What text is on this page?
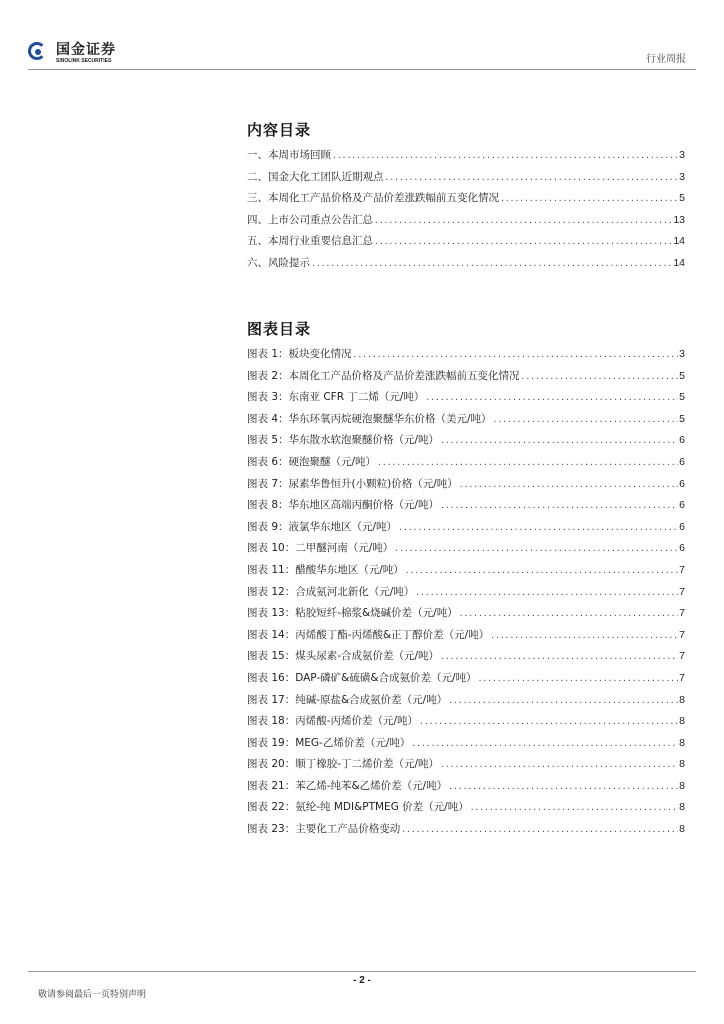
国金证券
SINOLINK SECURITIES	行业周报
内容目录
一、本周市场回顾 .....	3
二、国金大化工团队近期观点 .....	3
三、本周化工产品价格及产品价差涨跌幅前五变化情况 .....	5
四、上市公司重点公告汇总 .....	13
五、本周行业重要信息汇总 .....	14
六、风险提示 .....	14
图表目录
图表 1：板块变化情况 .....	3
图表 2：本周化工产品价格及产品价差涨跌幅前五变化情况 .....	5
图表 3：东南亚 CFR 丁二烯（元/吨） .....	5
图表 4：华东环氧丙烷硬泡聚醚华东价格（美元/吨） .....	5
图表 5：华东散水软泡聚醚价格（元/吨） .....	6
图表 6：硬泡聚醚（元/吨） .....	6
图表 7：尿素华鲁恒升(小颗粒)价格（元/吨） .....	6
图表 8：华东地区高端丙酮价格（元/吨） .....	6
图表 9：液氯华东地区（元/吨） .....	6
图表 10：二甲醚河南（元/吨） .....	6
图表 11：醋酸华东地区（元/吨） .....	7
图表 12：合成氨河北新化（元/吨） .....	7
图表 13：粘胶短纤-棉浆&烧碱价差（元/吨） .....	7
图表 14：丙烯酸丁酯-丙烯酸&正丁醇价差（元/吨） .....	7
图表 15：煤头尿素-合成氨价差（元/吨） .....	7
图表 16：DAP-磷矿&硫磺&合成氨价差（元/吨） .....	7
图表 17：纯碱-原盐&合成氨价差（元/吨） .....	8
图表 18：丙烯酸-丙烯价差（元/吨） .....	8
图表 19：MEG-乙烯价差（元/吨） .....	8
图表 20：顺丁橡胶-丁二烯价差（元/吨） .....	8
图表 21：苯乙烯-纯苯&乙烯价差（元/吨） .....	8
图表 22：氨纶-纯 MDI&PTMEG 价差（元/吨） .....	8
图表 23：主要化工产品价格变动 .....	8
- 2 -
敬请参阅最后一页特别声明
